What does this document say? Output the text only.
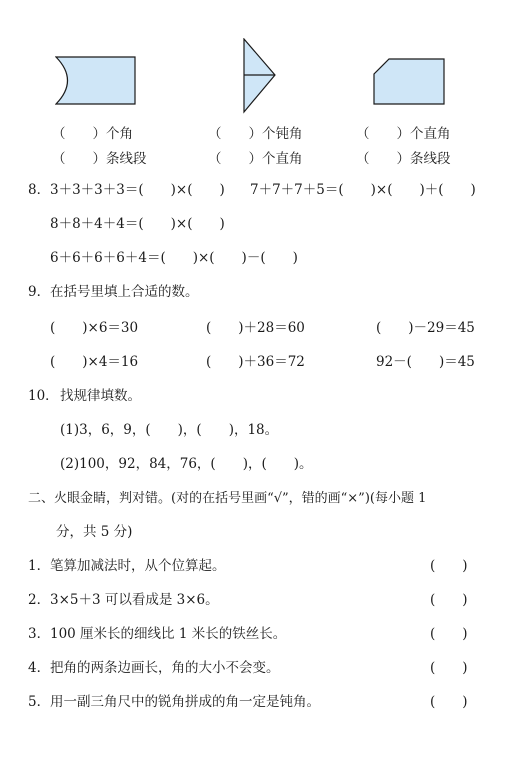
（　　）个角	（　　）个钝角	（　　）个直角
（　　）条线段	（　　）个直角	（　　）条线段
8． 3＋3＋3＋3＝(　　)×(　　) 7＋7＋7＋5＝(　　)×(　　)＋(　　)
8＋8＋4＋4＝(　　)×(　　)
6＋6＋6＋6＋4＝(　　)×(　　)－(　　)
9． 在括号里填上合适的数。
(　　)×6＝30	(　　)＋28＝60	(　　)－29＝45
(　　)×4＝16	(　　)＋36＝72	92－(　　)＝45
10． 找规律填数。
(1)3，6，9，(　　)，(　　)，18。
(2)100，92，84，76，(　　)，(　　)。
二、火眼金睛，判对错。(对的在括号里画“√”，错的画“×”)(每小题 1
分，共 5 分)
1． 笔算加减法时，从个位算起。	(　　)
2． 3×5＋3 可以看成是 3×6。	(　　)
3． 100 厘米长的细线比 1 米长的铁丝长。	(　　)
4． 把角的两条边画长，角的大小不会变。	(　　)
5． 用一副三角尺中的锐角拼成的角一定是钝角。	(　　)
